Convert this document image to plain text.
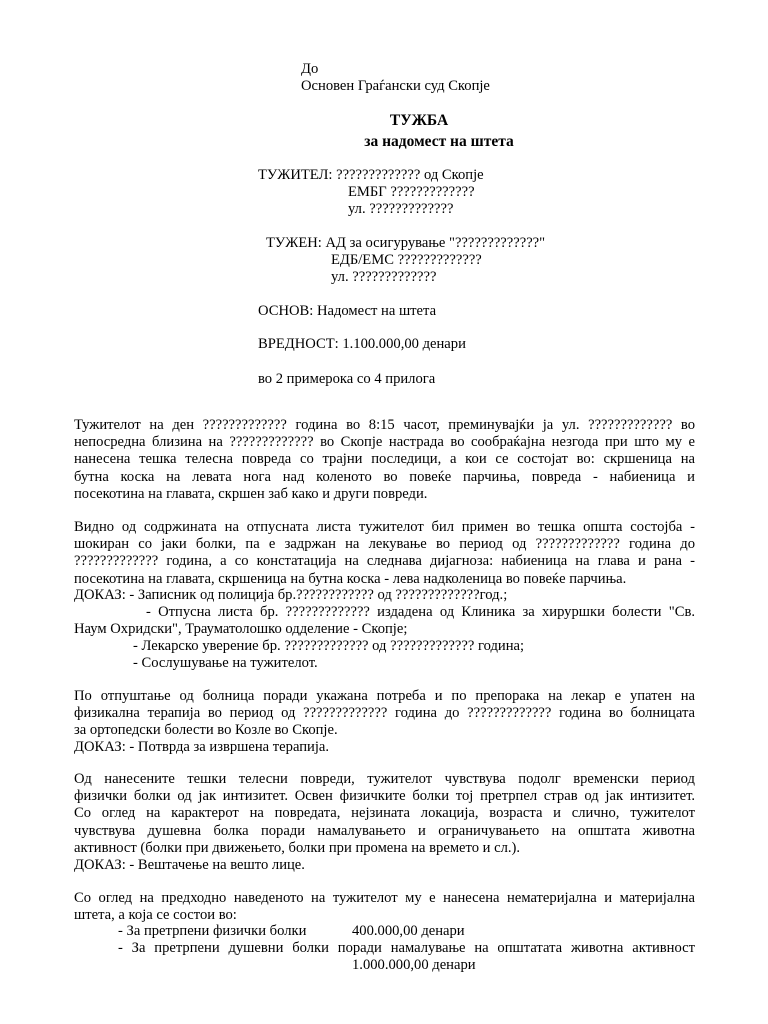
До
Основен Граѓански суд Скопје
ТУЖБА
за надомест на штета
ТУЖИТЕЛ: ????????????? од Скопје
ЕМБГ ?????????????
ул. ?????????????
ТУЖЕН: АД за осигурување "?????????????"
ЕДБ/ЕМС ?????????????
ул. ?????????????
ОСНОВ: Надомест на штета
ВРЕДНОСТ: 1.100.000,00 денари
во 2 примерока со 4 прилога
Тужителот на ден ????????????? година во 8:15 часот, преминувајќи ја ул. ????????????? во
непосредна близина на ????????????? во Скопје настрада во сообраќајна незгода при што му е
нанесена тешка телесна повреда со трајни последици, а кои се состојат во: скршеница на
бутна коска на левата нога над коленото во повеќе парчиња, повреда - набиеница и
посекотина на главата, скршен заб како и други повреди.
Видно од содржината на отпусната листа тужителот бил примен во тешка општа состојба -
шокиран со јаки болки, па е задржан на лекување во период од ????????????? година до
????????????? година, а со констатација на следнава дијагноза: набиеница на глава и рана -
посекотина на главата, скршеница на бутна коска - лева надколеница во повеќе парчиња.
ДОКАЗ: - Записник од полиција бр.???????????? од ?????????????год.;
- Отпусна листа бр. ????????????? издадена од Клиника за хируршки болести "Св.
Наум Охридски", Трауматолошко одделение - Скопје;
- Лекарско уверение бр. ????????????? од ????????????? година;
- Сослушување на тужителот.
По отпуштање од болница поради укажана потреба и по препорака на лекар е упатен на
физикална терапија во период од ????????????? година до ????????????? година во болницата
за ортопедски болести во Козле во Скопје.
ДОКАЗ: - Потврда за извршена терапија.
Од нанесените тешки телесни повреди, тужителот чувствува подолг временски период
физички болки од јак интизитет. Освен физичките болки тој претрпел страв од јак интизитет.
Со оглед на карактерот на повредата, нејзината локација, возраста и слично, тужителот
чувствува душевна болка поради намалувањето и ограничувањето на општата животна
активност (болки при движењето, болки при промена на времето и сл.).
ДОКАЗ: - Вештачење на вешто лице.
Со оглед на предходно наведеното на тужителот му е нанесена нематеријална и материјална
штета, а која се состои во:
- За претрпени физички болки	400.000,00 денари
- За претрпени душевни болки поради намалување на општатата животна активност
1.000.000,00 денари
